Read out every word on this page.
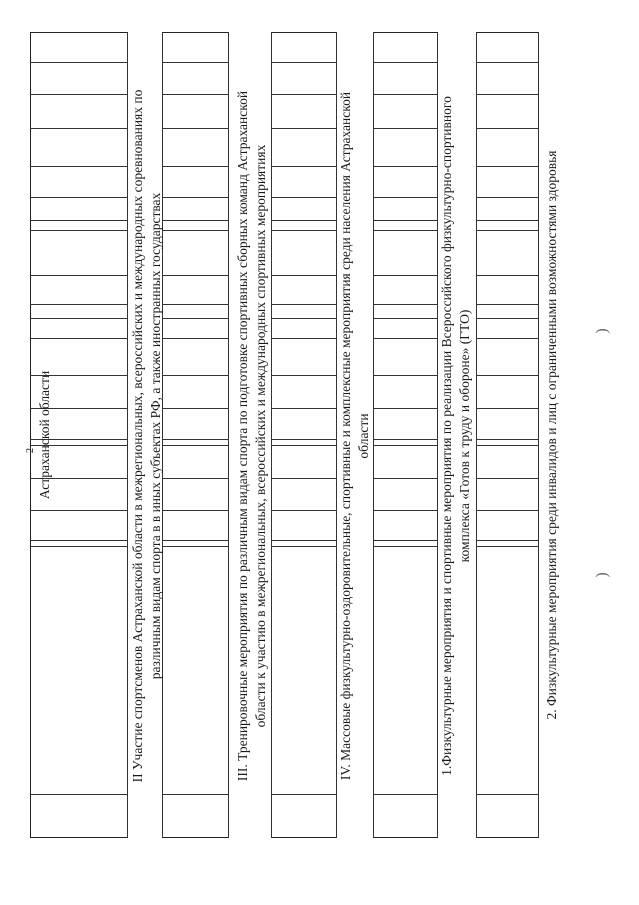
2 Астраханской области	II Участие спортсменов Астраханской области в межрегиональных, всероссийских и международных соревнованиях по различным видам спорта в в иных субъектах РФ, а также иностранных государствах	III. Тренировочные мероприятия по различным видам спорта по подготовке спортивных сборных команд Астраханской области к участию в межрегиональных, всероссийских и международных спортивных мероприятиях	IV. Массовые физкультурно-оздоровительные, спортивные и комплексные мероприятия среди населения Астраханской области	1.Физкультурные мероприятия и спортивные мероприятия по реализации Всероссийского физкультурно-спортивного комплекса «Готов к труду и обороне» (ГТО)	2. Физкультурные мероприятия среди инвалидов и лиц с ограниченными возможностями здоровья )
)
